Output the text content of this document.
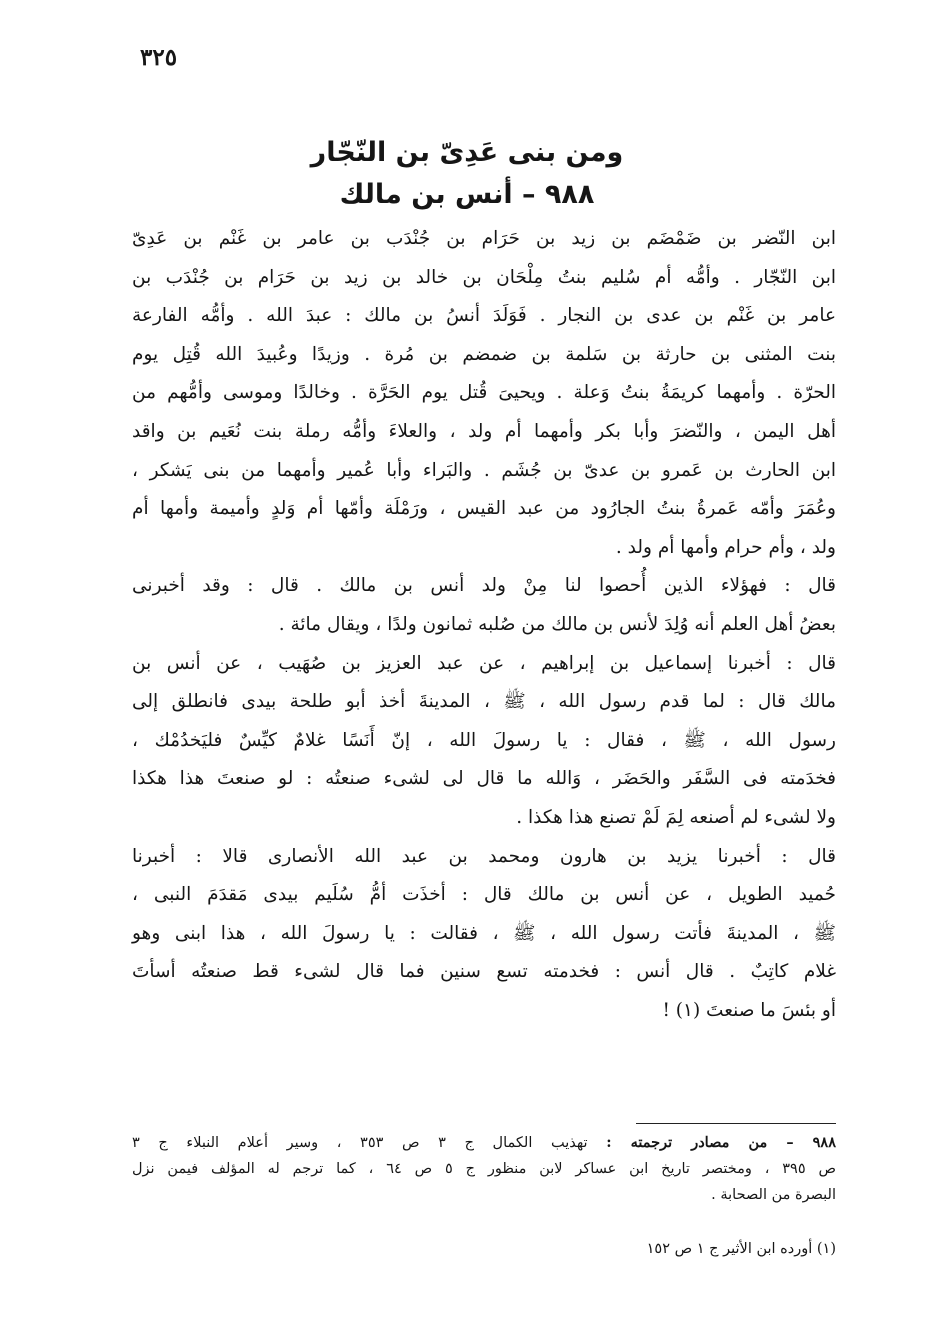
٣٢٥
ومن بنى عَدِىّ بن النّجّار
٩٨٨ – أنس بن مالك
ابن النّضر بن ضَمْضَم بن زيد بن حَرَام بن جُنْدَب بن عامر بن غَنْم بن عَدِىّ
ابن النّجّار . وأمُّه أم سُليم بنتُ مِلْحَان بن خالد بن زيد بن حَرَام بن جُنْدَب بن
عامر بن غَنْم بن عدى بن النجار . فَوَلَدَ أنسُ بن مالك : عبدَ الله . وأمُّه الفارعة
بنت المثنى بن حارثة بن سَلمة بن ضمضم بن مُرة . وزيدًا وعُبيدَ الله قُتِل يوم
الحرّة . وأمهما كريمَةُ بنتُ وَعلة . ويحيىَ قُتل يوم الحَرَّة . وخالدًا وموسى وأمُّهم من
أهل اليمن ، والنّضرَ وأبا بكر وأمهما أم ولد ، والعلاءَ وأمُّه رملة بنت نُعَيم بن واقد
ابن الحارث بن عَمرو بن عدىّ بن جُشَم . والبَراء وأبا عُمير وأمهما من بنى يَشكر ،
وعُمَرَ وأمّه عَمرةُ بنتُ الجارُود من عبد القيس ، ورَمْلَة وأمّها أم وَلدٍ وأميمة وأمها أم
ولد ، وأم حرام وأمها أم ولد .
قال : فهؤلاء الذين أُحصوا لنا مِنْ ولد أنس بن مالك . قال : وقد أخبرنى
بعضُ أهل العلم أنه وُلِدَ لأنس بن مالك من صُلبه ثمانون ولدًا ، ويقال مائة .
قال : أخبرنا إسماعيل بن إبراهيم ، عن عبد العزيز بن صُهَيب ، عن أنس بن
مالك قال : لما قدم رسول الله ، ﷺ ، المدينةَ أخذ أبو طلحة بيدى فانطلق إلى
رسول الله ، ﷺ ، فقال : يا رسولَ الله ، إنّ أَنَسًا غلامٌ كيِّسٌ فليَخدُمْك ،
فخدَمته فى السَّفَر والحَضَر ، وَالله ما قال لى لشىء صنعتُه : لو صنعتَ هذا هكذا
ولا لشىء لم أصنعه لِمَ لَمْ تصنع هذا هكذا .
قال : أخبرنا يزيد بن هارون ومحمد بن عبد الله الأنصارى قالا : أخبرنا
حُميد الطويل ، عن أنس بن مالك قال : أخذَت أمُّ سُلَيم بيدى مَقدَمَ النبى ،
ﷺ ، المدينةَ فأتت رسول الله ، ﷺ ، فقالت : يا رسولَ الله ، هذا ابنى وهو
غلام كاتِبٌ . قال أنس : فخدمته تسع سنين فما قال لشىء قط صنعتُه أسأتَ
أو بئسَ ما صنعتَ (١) !
٩٨٨ – من مصادر ترجمته : تهذيب الكمال ج ٣ ص ٣٥٣ ، وسير أعلام النبلاء ج ٣
ص ٣٩٥ ، ومختصر تاريخ ابن عساكر لابن منظور ج ٥ ص ٦٤ ، كما ترجم له المؤلف فيمن نزل
البصرة من الصحابة .
(١) أورده ابن الأثير ج ١ ص ١٥٢
